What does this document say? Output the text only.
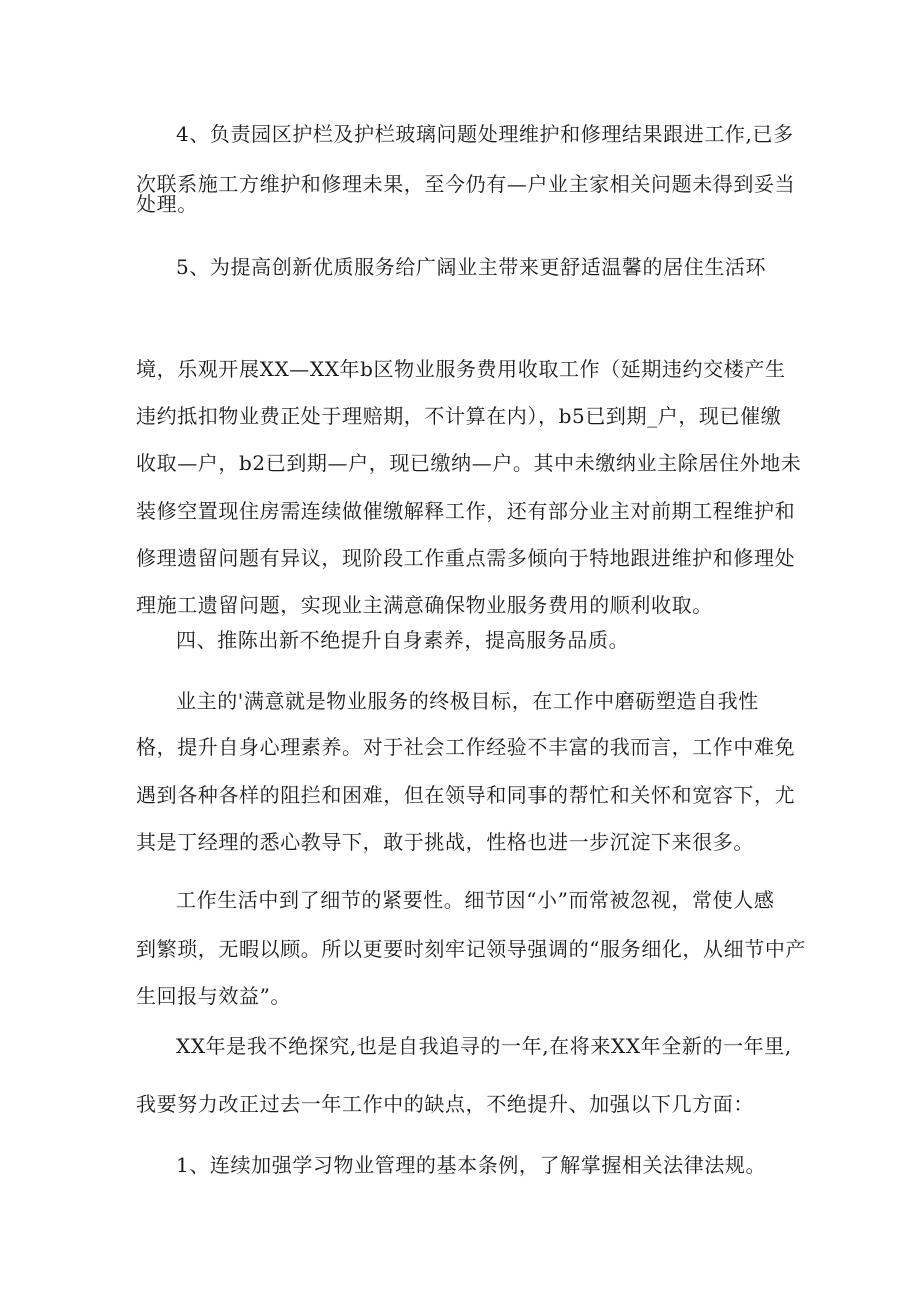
4、负责园区护栏及护栏玻璃问题处理维护和修理结果跟进工作,已多
次联系施工方维护和修理未果，至今仍有—户业主家相关问题未得到妥当
处理。
5、为提高创新优质服务给广阔业主带来更舒适温馨的居住生活环
境，乐观开展XX—XX年b区物业服务费用收取工作（延期违约交楼产生
违约抵扣物业费正处于理赔期，不计算在内），b5已到期_户，现已催缴
收取—户，b2已到期—户，现已缴纳—户。其中未缴纳业主除居住外地未
装修空置现住房需连续做催缴解释工作，还有部分业主对前期工程维护和
修理遗留问题有异议，现阶段工作重点需多倾向于特地跟进维护和修理处
理施工遗留问题，实现业主满意确保物业服务费用的顺利收取。
四、推陈出新不绝提升自身素养，提高服务品质。
业主的'满意就是物业服务的终极目标，在工作中磨砺塑造自我性
格，提升自身心理素养。对于社会工作经验不丰富的我而言，工作中难免
遇到各种各样的阻拦和困难，但在领导和同事的帮忙和关怀和宽容下，尤
其是丁经理的悉心教导下，敢于挑战，性格也进一步沉淀下来很多。
工作生活中到了细节的紧要性。细节因“小”而常被忽视，常使人感
到繁琐，无暇以顾。所以更要时刻牢记领导强调的“服务细化，从细节中产
生回报与效益”。
XX年是我不绝探究,也是自我追寻的一年,在将来XX年全新的一年里,
我要努力改正过去一年工作中的缺点，不绝提升、加强以下几方面：
1、连续加强学习物业管理的基本条例，了解掌握相关法律法规。
